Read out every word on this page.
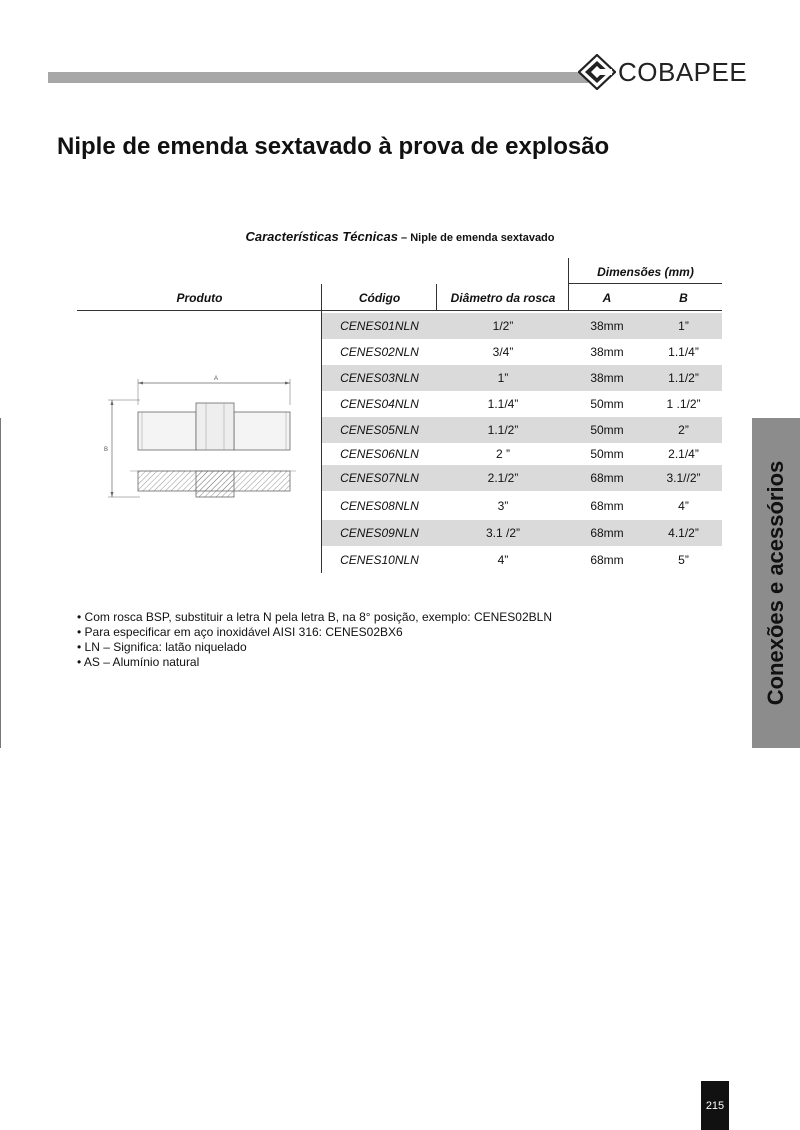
COBAPEE
Niple de emenda sextavado à prova de explosão
Características Técnicas – Niple de emenda sextavado
Dimensões (mm)
Produto	Código	Diâmetro da rosca	A	B
CENES01NLN	1/2”	38mm	1”
CENES02NLN	3/4”	38mm	1.1/4”
CENES03NLN	1”	38mm	1.1/2”
CENES04NLN	1.1/4”	50mm	1 .1/2”
CENES05NLN	1.1/2”	50mm	2”
CENES06NLN	2 ”	50mm	2.1/4”
CENES07NLN	2.1/2”	68mm	3.1//2”
CENES08NLN	3”	68mm	4”
CENES09NLN	3.1 /2”	68mm	4.1/2”
CENES10NLN	4”	68mm	5”
A
B
• Com rosca BSP, substituir a letra N pela letra B, na 8° posição, exemplo: CENES02BLN
• Para especificar em aço inoxidável AISI 316: CENES02BX6
• LN – Significa: latão niquelado
• AS – Alumínio natural	Conexões e acessórios
215
